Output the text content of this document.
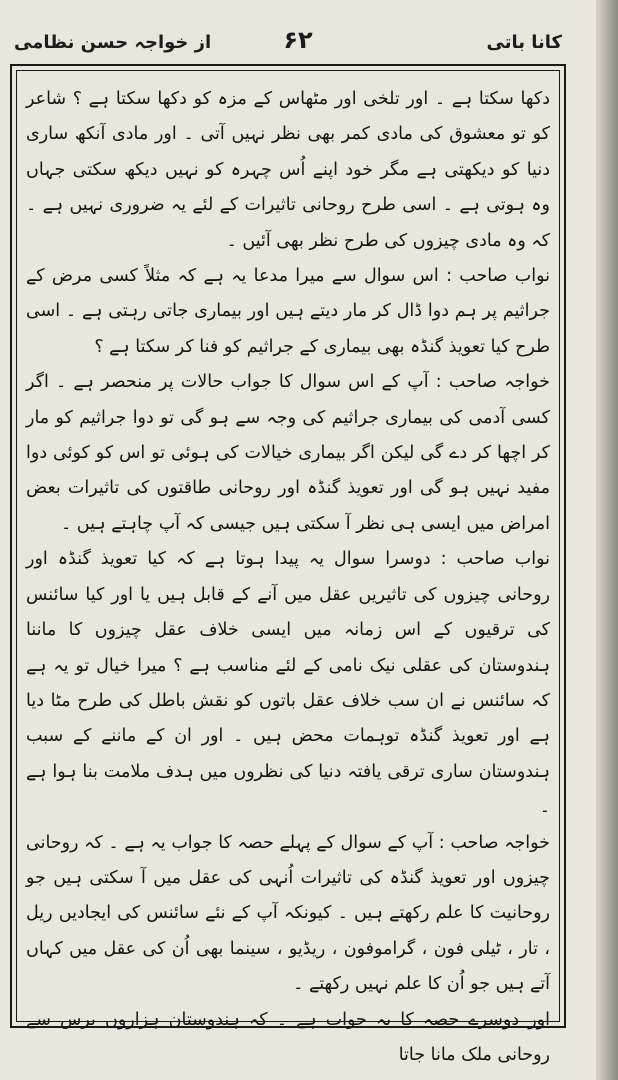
کانا باتی
۶۲
از خواجہ حسن نظامی

دکھا سکتا ہے ۔ اور تلخی اور مٹھاس کے مزہ کو دکھا سکتا ہے ؟ شاعر کو تو معشوق کی مادی کمر بھی نظر نہیں آتی ۔ اور مادی آنکھ ساری دنیا کو دیکھتی ہے مگر خود اپنے اُس چہرہ کو نہیں دیکھ سکتی جہاں وہ ہوتی ہے ۔ اسی طرح روحانی تاثیرات کے لئے یہ ضروری نہیں ہے ۔ کہ وہ مادی چیزوں کی طرح نظر بھی آئیں ۔

نواب صاحب : اس سوال سے میرا مدعا یہ ہے کہ مثلاً کسی مرض کے جراثیم پر ہم دوا ڈال کر مار دیتے ہیں اور بیماری جاتی رہتی ہے ۔ اسی طرح کیا تعویذ گنڈہ بھی بیماری کے جراثیم کو فنا کر سکتا ہے ؟

خواجہ صاحب : آپ کے اس سوال کا جواب حالات پر منحصر ہے ۔ اگر کسی آدمی کی بیماری جراثیم کی وجہ سے ہو گی تو دوا جراثیم کو مار کر اچھا کر دے گی لیکن اگر بیماری خیالات کی ہوئی تو اس کو کوئی دوا مفید نہیں ہو گی اور تعویذ گنڈہ اور روحانی طاقتوں کی تاثیرات بعض امراض میں ایسی ہی نظر آ سکتی ہیں جیسی کہ آپ چاہتے ہیں ۔

نواب صاحب : دوسرا سوال یہ پیدا ہوتا ہے کہ کیا تعویذ گنڈہ اور روحانی چیزوں کی تاثیریں عقل میں آنے کے قابل ہیں یا اور کیا سائنس کی ترقیوں کے اس زمانہ میں ایسی خلاف عقل چیزوں کا ماننا ہندوستان کی عقلی نیک نامی کے لئے مناسب ہے ؟ میرا خیال تو یہ ہے کہ سائنس نے ان سب خلاف عقل باتوں کو نقش باطل کی طرح مٹا دیا ہے اور تعویذ گنڈہ توہمات محض ہیں ۔ اور ان کے ماننے کے سبب ہندوستان ساری ترقی یافتہ دنیا کی نظروں میں ہدف ملامت بنا ہوا ہے ۔

خواجہ صاحب : آپ کے سوال کے پہلے حصہ کا جواب یہ ہے ۔ کہ روحانی چیزوں اور تعویذ گنڈہ کی تاثیرات اُنہی کی عقل میں آ سکتی ہیں جو روحانیت کا علم رکھتے ہیں ۔ کیونکہ آپ کے نئے سائنس کی ایجادیں ریل ، تار ، ٹیلی فون ، گراموفون ، ریڈیو ، سینما بھی اُن کی عقل میں کہاں آتے ہیں جو اُن کا علم نہیں رکھتے ۔

اور دوسرے حصہ کا یہ جواب ہے ۔ کہ ہندوستان ہزاروں برس سے روحانی ملک مانا جاتا
